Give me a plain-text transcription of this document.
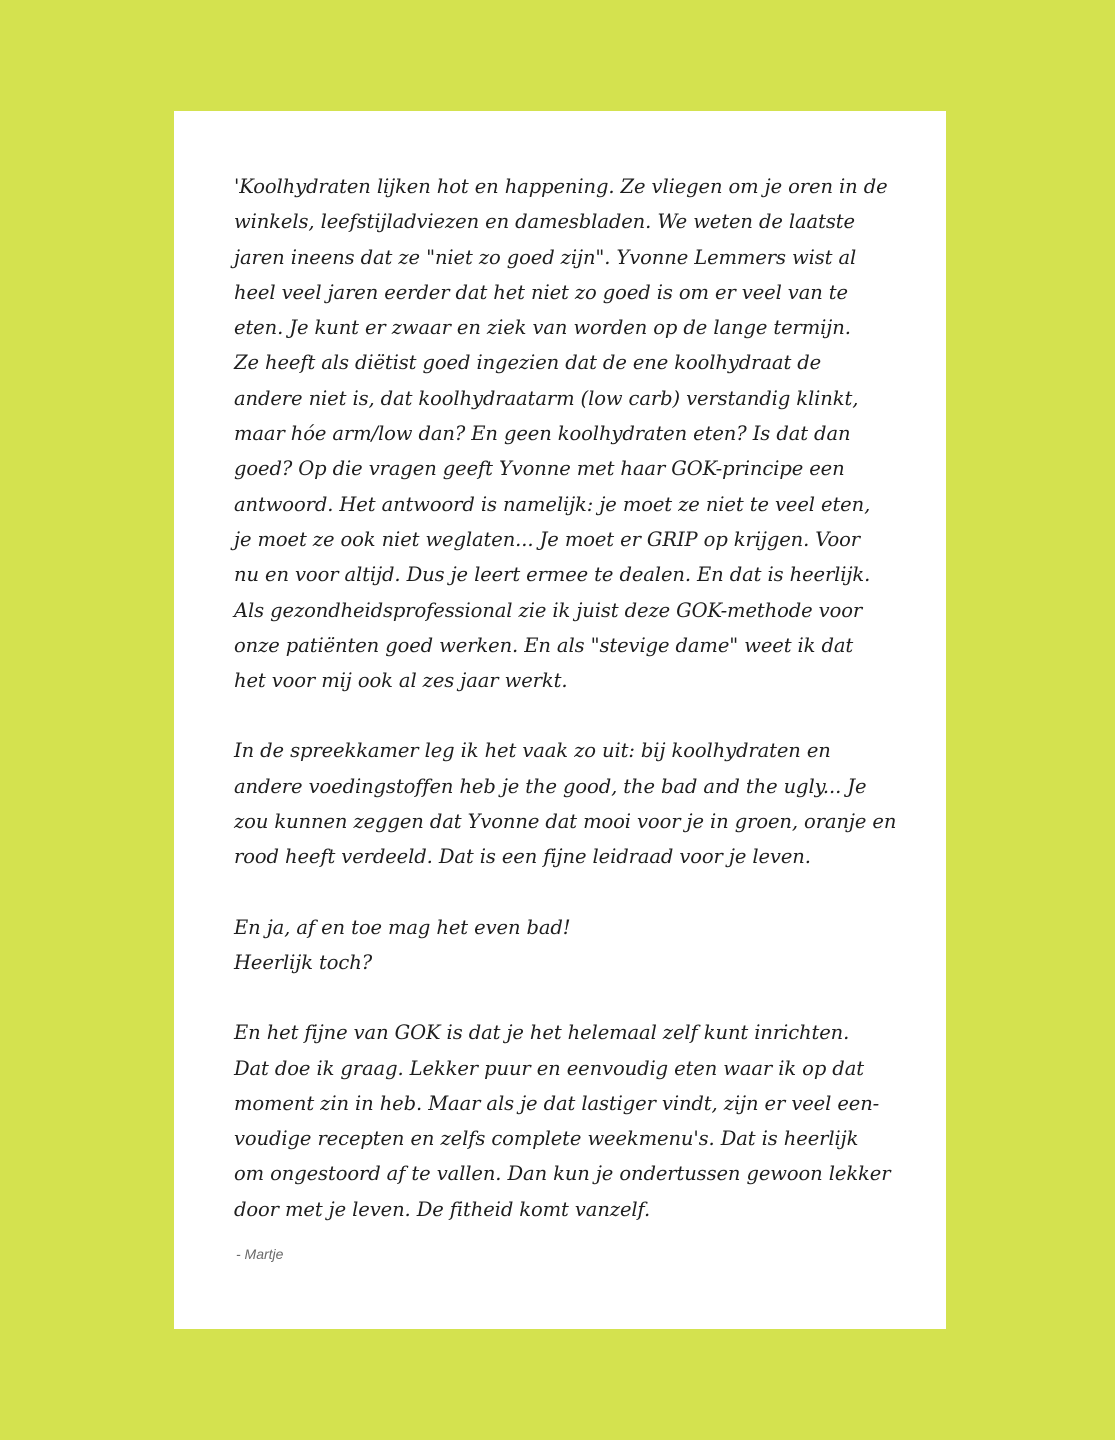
'Koolhydraten lijken hot en happening. Ze vliegen om je oren in de
winkels, leefstijladviezen en damesbladen. We weten de laatste
jaren ineens dat ze "niet zo goed zijn". Yvonne Lemmers wist al
heel veel jaren eerder dat het niet zo goed is om er veel van te
eten. Je kunt er zwaar en ziek van worden op de lange termijn.
Ze heeft als diëtist goed ingezien dat de ene koolhydraat de
andere niet is, dat koolhydraatarm (low carb) verstandig klinkt,
maar hóe arm/low dan? En geen koolhydraten eten? Is dat dan
goed? Op die vragen geeft Yvonne met haar GOK-principe een
antwoord. Het antwoord is namelijk: je moet ze niet te veel eten,
je moet ze ook niet weglaten... Je moet er GRIP op krijgen. Voor
nu en voor altijd. Dus je leert ermee te dealen. En dat is heerlijk.
Als gezondheidsprofessional zie ik juist deze GOK-methode voor
onze patiënten goed werken. En als "stevige dame" weet ik dat
het voor mij ook al zes jaar werkt.
In de spreekkamer leg ik het vaak zo uit: bij koolhydraten en
andere voedingstoffen heb je the good, the bad and the ugly... Je
zou kunnen zeggen dat Yvonne dat mooi voor je in groen, oranje en
rood heeft verdeeld. Dat is een fijne leidraad voor je leven.
En ja, af en toe mag het even bad!
Heerlijk toch?
En het fijne van GOK is dat je het helemaal zelf kunt inrichten.
Dat doe ik graag. Lekker puur en eenvoudig eten waar ik op dat
moment zin in heb. Maar als je dat lastiger vindt, zijn er veel een-
voudige recepten en zelfs complete weekmenu's. Dat is heerlijk
om ongestoord af te vallen. Dan kun je ondertussen gewoon lekker
door met je leven. De fitheid komt vanzelf.
- Martje
